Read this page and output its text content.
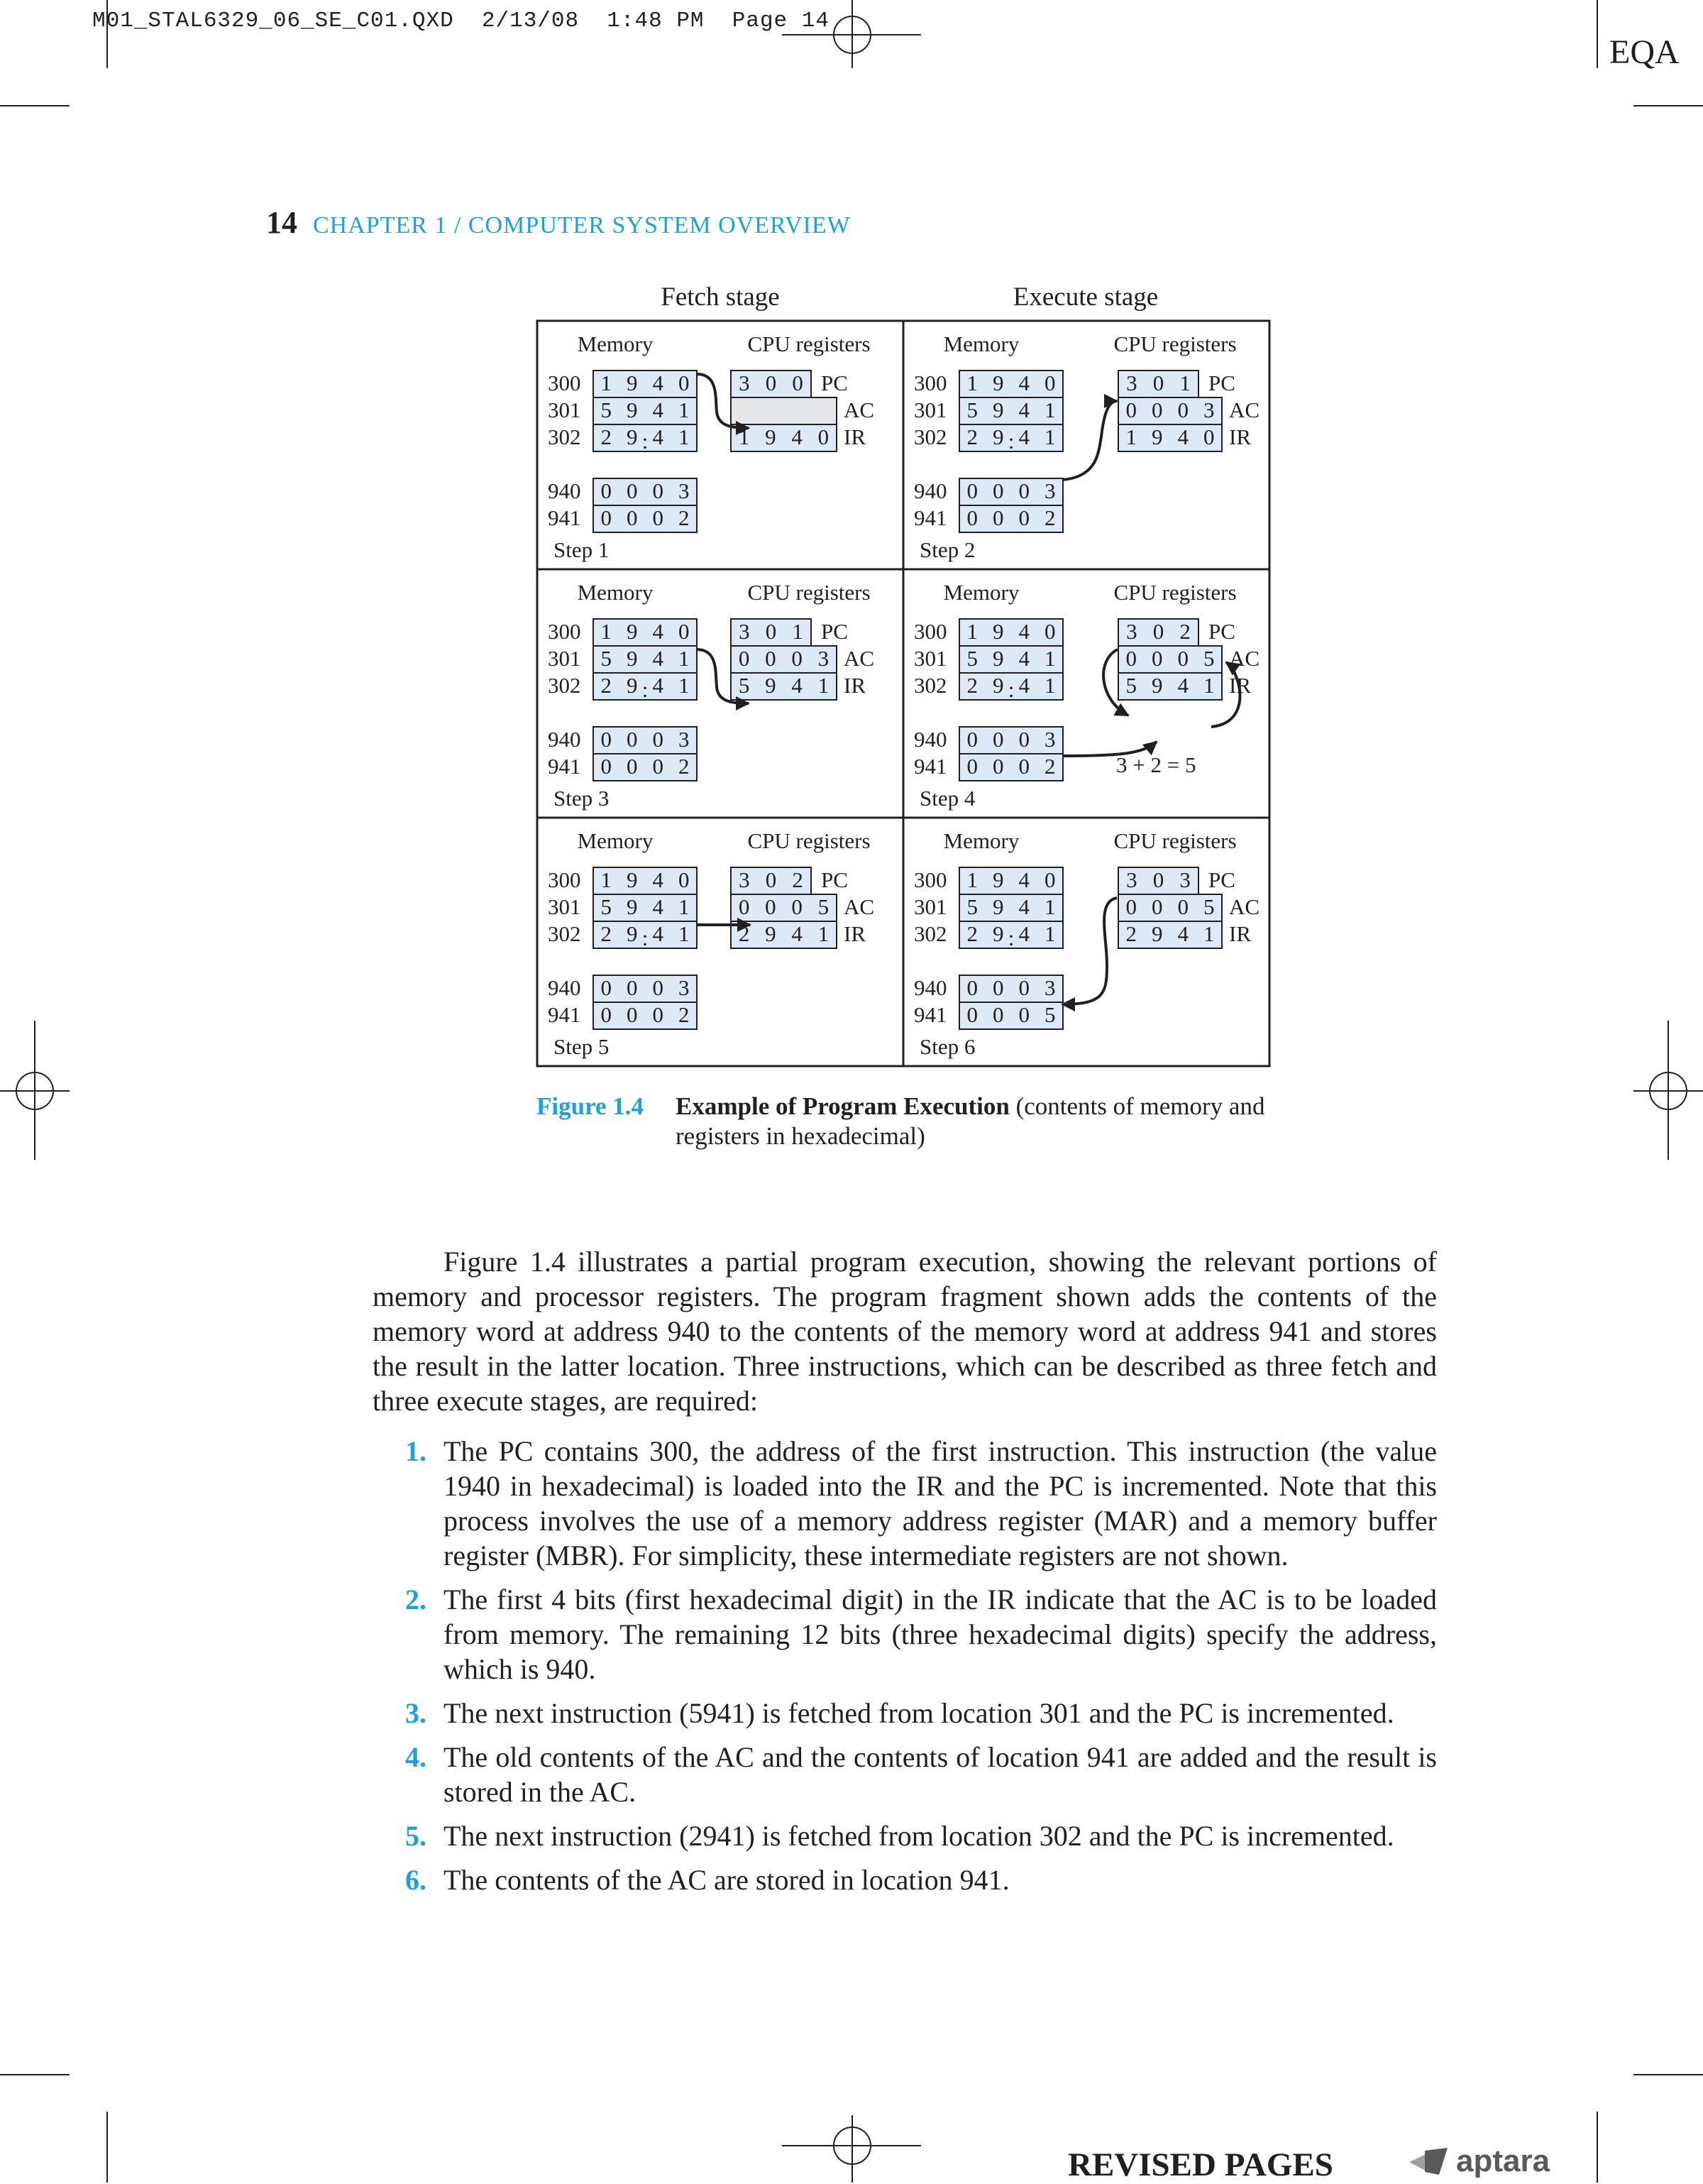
M01_STAL6329_06_SE_C01.QXD  2/13/08  1:48 PM  Page 14
EQA
14 CHAPTER 1 / COMPUTER SYSTEM OVERVIEW
Fetch stage	Execute stage
Memory	CPU registers
300 1 9 4 0
301 5 9 4 1
302 2 9 4 1
940 0 0 0 3
941 0 0 0 2
:
3 0 0 PC
AC
1 9 4 0 IR
Step 1
Memory	CPU registers
300 1 9 4 0
301 5 9 4 1
302 2 9 4 1
940 0 0 0 3
941 0 0 0 2
:
3 0 1 PC
0 0 0 3 AC
1 9 4 0 IR
Step 2
Memory	CPU registers
300 1 9 4 0
301 5 9 4 1
302 2 9 4 1
940 0 0 0 3
941 0 0 0 2
:
3 0 1 PC
0 0 0 3 AC
5 9 4 1 IR
Step 3
Memory	CPU registers
300 1 9 4 0
301 5 9 4 1
302 2 9 4 1
940 0 0 0 3
941 0 0 0 2
:
3 0 2 PC
0 0 0 5 AC
5 9 4 1 IR
Step 4
3 + 2 = 5
Memory	CPU registers
300 1 9 4 0
301 5 9 4 1
302 2 9 4 1
940 0 0 0 3
941 0 0 0 2
:
3 0 2 PC
0 0 0 5 AC
2 9 4 1 IR
Step 5
Memory	CPU registers
300 1 9 4 0
301 5 9 4 1
302 2 9 4 1
940 0 0 0 3
941 0 0 0 5
:
3 0 3 PC
0 0 0 5 AC
2 9 4 1 IR
Step 6
Figure 1.4 Example of Program Execution (contents of memory and registers in hexadecimal)

Figure 1.4 illustrates a partial program execution, showing the relevant portions of memory and processor registers. The program fragment shown adds the contents of the memory word at address 940 to the contents of the memory word at address 941 and stores the result in the latter location. Three instructions, which can be described as three fetch and three execute stages, are required:

1. The PC contains 300, the address of the first instruction. This instruction (the value 1940 in hexadecimal) is loaded into the IR and the PC is incremented. Note that this process involves the use of a memory address register (MAR) and a memory buffer register (MBR). For simplicity, these intermediate registers are not shown.
2. The first 4 bits (first hexadecimal digit) in the IR indicate that the AC is to be loaded from memory. The remaining 12 bits (three hexadecimal digits) specify the address, which is 940.
3. The next instruction (5941) is fetched from location 301 and the PC is incremented.
4. The old contents of the AC and the contents of location 941 are added and the result is stored in the AC.
5. The next instruction (2941) is fetched from location 302 and the PC is incremented.
6. The contents of the AC are stored in location 941.
REVISED PAGES	aptara
